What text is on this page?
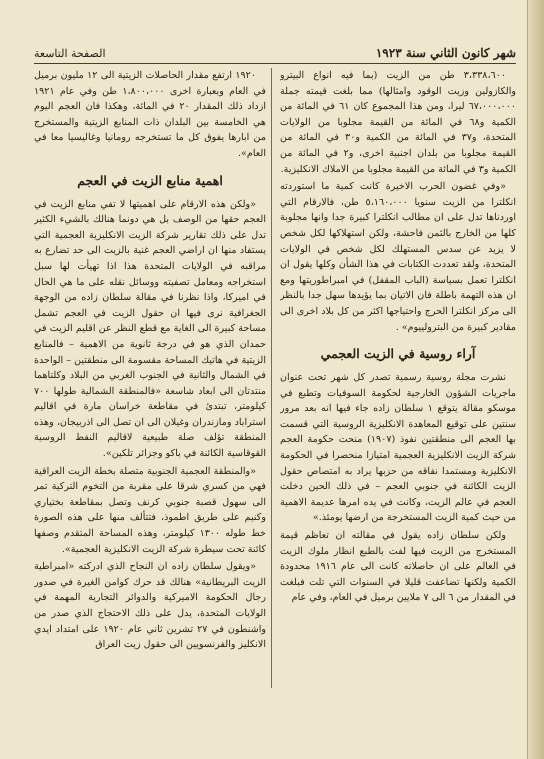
شهر كانون الثاني سنة ١٩٢٣
الصفحة التاسعة

٣،٣٣٨،٦٠٠ طن من الزيت (بما فيه انواع البيترو والكازولين وزيت الوقود وامثالها) مما بلغت قيمته جملة ٦٧،٠٠٠،٠٠٠ ليرا، ومن هذا المجموع كان ٦١ في المائة من الكمية و٦٨ في المائة من القيمة مجلوبا من الولايات المتحدة، و٣٧ في المائة من الكمية و٣٠ في المائة من القيمة مجلوبا من بلدان اجنبية اخرى، و٢ في المائة من الكمية و٣ في المائة من القيمة مجلوبا من الاملاك الانكليزية.

«وفي غضون الحرب الاخيرة كانت كمية ما استوردته انكلترا من الزيت سنويا ٥،١٦٠،٠٠٠ طن، فالارقام التي اوردناها تدل على ان مطالب انكلترا كبيرة جدا وانها مجلوبة كلها من الخارج بالثمن فاحشة، ولكن استهلاكها لكل شخص لا يزيد عن سدس المستهلك لكل شخص في الولايات المتحدة، ولقد تعددت الكتابات في هذا الشأن وكلها يقول ان انكلترا تعمل بسياسة (الباب المقفل) في امبراطوريتها ومع ان هذه التهمة باطلة فان الاتيان بما يؤيدها سهل جدا بالنظر الى مركز انكلترا الحرج واحتياجها اكثر من كل بلاد اخرى الى مقادير كبيرة من البترولييوم» .

آراء روسية في الزيت العجمي

نشرت مجلة روسية رسمية تصدر كل شهر تحت عنوان ماجريات الشؤون الخارجية لحكومة السوفيات وتطبع في موسكو مقالة يتوقع ١ سلطان زاده جاء فيها انه بعد مرور سنتين على توقيع المعاهدة الانكليزية الروسية التي قسمت بها العجم الى منطقتين نفوذ (١٩٠٧) منحت حكومة العجم شركة الزيت الانكليزية العجمية امتيازا منحصرا في الحكومة الانكليزية ومستمدا نفاقه من حزبها يراد به امتصاص حقول الزيت الكائنة في جنوبي العجم – في ذلك الحين دخلت العجم في عالم الزيت، وكانت في يده امرها عديمة الاهمية من حيث كمية الزيت المستخرجة من ارضها يومئذ.»

ولكن سلطان زاده يقول في مقالته ان تعاظم قيمة المستخرج من الزيت فيها لفت بالطبع انظار ملوك الزيت في العالم على ان حاصلاته كانت الى عام ١٩١٦ محدودة الكمية ولكنها تضاعفت قليلا في السنوات التي تلت فبلغت في المقدار من ٦ الى ٧ ملايين برميل في العام، وفي عام

١٩٢٠ ارتفع مقدار الحاصلات الزيتية الى ١٢ مليون برميل في العام وبعبارة اخرى ١،٨٠٠،٠٠٠ طن وفي عام ١٩٢١ ازداد ذلك المقدار ٢٠ في المائة، وهكذا فان العجم اليوم هي الخامسة بين البلدان ذات المنابع الزيتية والمستخرج من ابارها يفوق كل ما تستخرجه رومانيا وغاليسيا معا في العام».

اهمية منابع الزيت في العجم

«ولكن هذه الارقام على اهميتها لا تفي منابع الزيت في العجم حقها من الوصف بل هي دونما هنالك بالشيء الكثير تدل على ذلك تقارير شركة الزيت الانكليزية العجمية التي يستفاد منها ان اراضي العجم غنية بالزيت الى حد تضارع به مراقبه في الولايات المتحدة هذا اذا تهيأت لها سبل استخراجه ومعامل تصفيته ووسائل نقله على ما هي الحال في اميركا، واذا نظرنا في مقالة سلطان زاده من الوجهة الجغرافية نرى فيها ان حقول الزيت في العجم تشمل مساحة كبيرة الى الغاية مع قطع النظر عن اقليم الزيت في حمدان الذي هو في درجة ثانوية من الاهمية – فالمنابع الزيتية في هاتيك المساحة مقسومة الى منطقتين – الواحدة في الشمال والثانية في الجنوب الغربي من البلاد وكلتاهما منتدتان الى ابعاد شاسعة «فالمنطقة الشمالية طولها ٧٠٠ كيلومتر، تبتدئ في مقاطعة خراسان مارة في اقاليم استراباد ومازندران وغيلان الى ان تصل الى اذربيجان، وهذه المنطقة تؤلف صلة طبيعية لاقاليم النفط الروسية القوقاسية الكائنة في باكو وجزائر تلكين».

«والمنطقة العجمية الجنوبية متصلة بخطة الزيت العراقية فهي من كسري شرقا على مقربة من التخوم التركية تمر الى سهول قصبة جنوبي كرنف وتصل بمقاطعة بختياري وكنيم على طريق اطموذ، فتتألف منها على هذه الصورة خط طوله ١٣٠٠ كيلومتر، وهذه المساحة المتقدم وصفها كائنة تحت سيطرة شركة الزيت الانكليزية العجمية».

«ويقول سلطان زاده ان النجاح الذي ادركته «امبراطية الزيت البريطانية» هنالك قد حرك كوامن الغيرة في صدور رجال الحكومة الاميركية والدوائر التجارية المهمة في الولايات المتحدة، يدل على ذلك الاحتجاج الذي صدر من واشنطون في ٢٧ تشرين ثاني عام ١٩٢٠ على امتداد ايدي الانكليز والفرنسويين الى حقول زيت العراق
